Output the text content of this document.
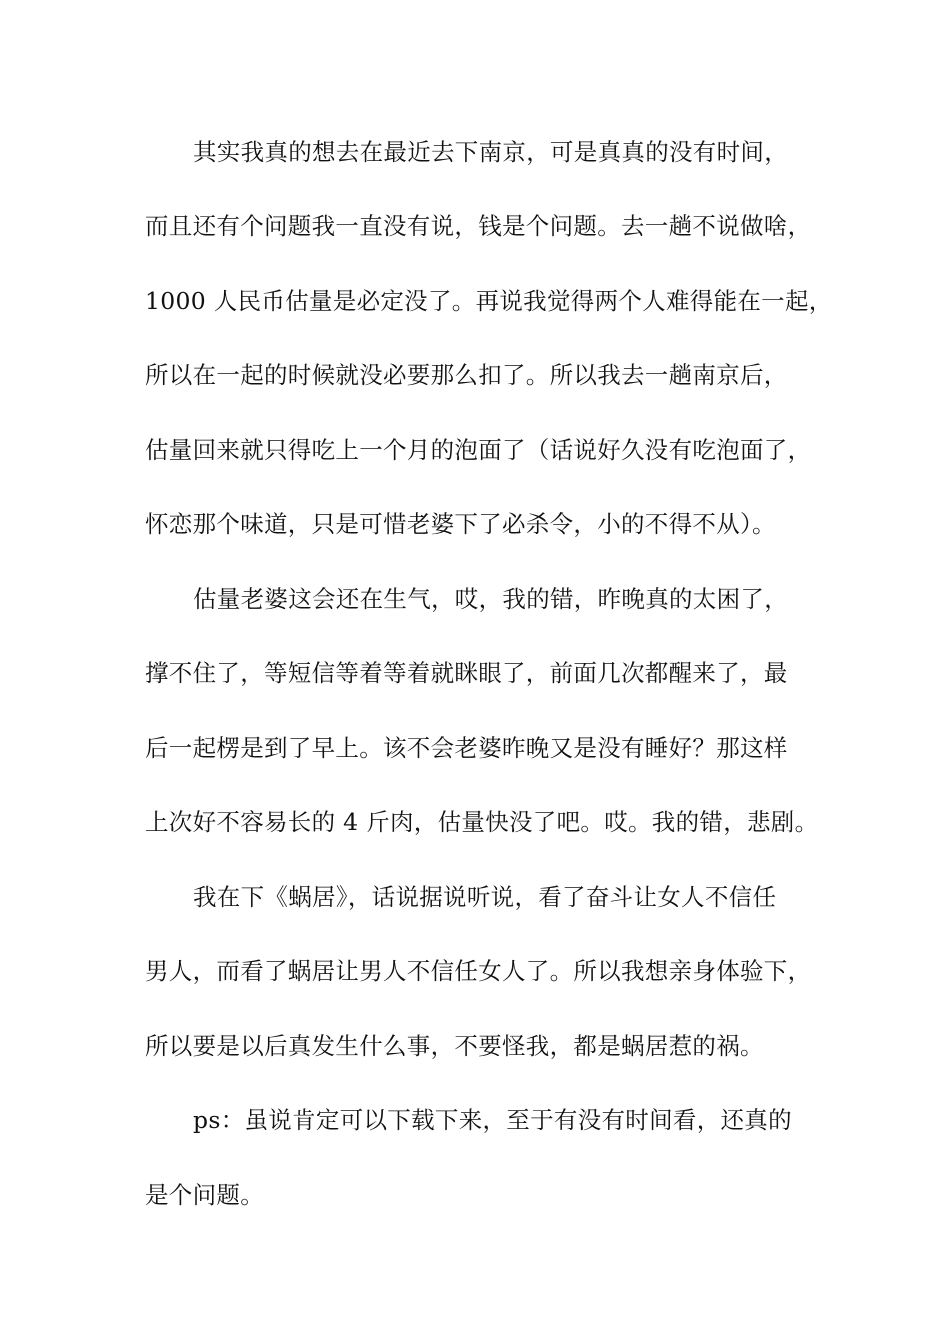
其实我真的想去在最近去下南京，可是真真的没有时间，
而且还有个问题我一直没有说，钱是个问题。去一趟不说做啥，
1000 人民币估量是必定没了。再说我觉得两个人难得能在一起，
所以在一起的时候就没必要那么扣了。所以我去一趟南京后，
估量回来就只得吃上一个月的泡面了（话说好久没有吃泡面了，
怀恋那个味道，只是可惜老婆下了必杀令，小的不得不从）。
估量老婆这会还在生气，哎，我的错，昨晚真的太困了，
撑不住了，等短信等着等着就眯眼了，前面几次都醒来了，最
后一起楞是到了早上。该不会老婆昨晚又是没有睡好？那这样
上次好不容易长的 4 斤肉，估量快没了吧。哎。我的错，悲剧。
我在下《蜗居》，话说据说听说，看了奋斗让女人不信任
男人，而看了蜗居让男人不信任女人了。所以我想亲身体验下，
所以要是以后真发生什么事，不要怪我，都是蜗居惹的祸。
ps：虽说肯定可以下载下来，至于有没有时间看，还真的
是个问题。
